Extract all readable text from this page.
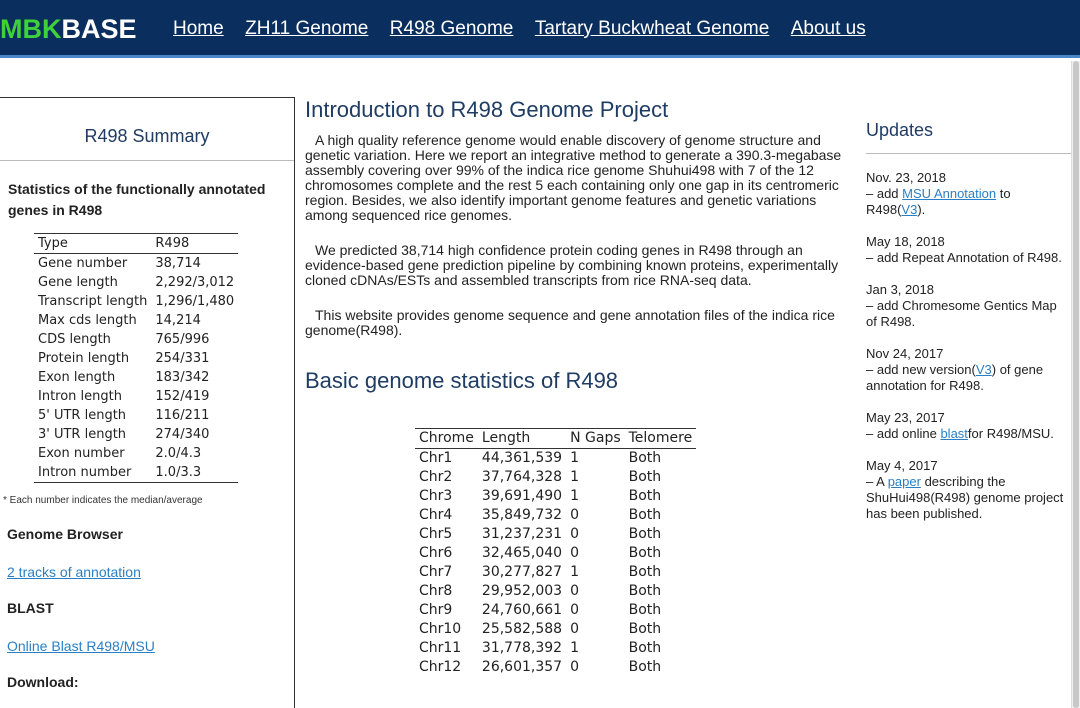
MBKBASE Home ZH11 Genome R498 Genome Tartary Buckwheat Genome About us
R498 Summary
Statistics of the functionally annotated genes in R498
Type	R498
Gene number	38,714
Gene length	2,292/3,012
Transcript length	1,296/1,480
Max cds length	14,214
CDS length	765/996
Protein length	254/331
Exon length	183/342
Intron length	152/419
5' UTR length	116/211
3' UTR length	274/340
Exon number	2.0/4.3
Intron number	1.0/3.3
* Each number indicates the median/average
Genome Browser
2 tracks of annotation
BLAST
Online Blast R498/MSU
Download:
Introduction to R498 Genome Project

A high quality reference genome would enable discovery of genome structure and genetic variation. Here we report an integrative method to generate a 390.3-megabase assembly covering over 99% of the indica rice genome Shuhui498 with 7 of the 12 chromosomes complete and the rest 5 each containing only one gap in its centromeric region. Besides, we also identify important genome features and genetic variations among sequenced rice genomes.

We predicted 38,714 high confidence protein coding genes in R498 through an evidence-based gene prediction pipeline by combining known proteins, experimentally cloned cDNAs/ESTs and assembled transcripts from rice RNA-seq data.

This website provides genome sequence and gene annotation files of the indica rice genome(R498).

Basic genome statistics of R498
Chrome	Length	N Gaps	Telomere
Chr1	44,361,539	1	Both
Chr2	37,764,328	1	Both
Chr3	39,691,490	1	Both
Chr4	35,849,732	0	Both
Chr5	31,237,231	0	Both
Chr6	32,465,040	0	Both
Chr7	30,277,827	1	Both
Chr8	29,952,003	0	Both
Chr9	24,760,661	0	Both
Chr10	25,582,588	0	Both
Chr11	31,778,392	1	Both
Chr12	26,601,357	0	Both
Updates
Nov. 23, 2018
– add MSU Annotation to R498(V3).
May 18, 2018
– add Repeat Annotation of R498.
Jan 3, 2018
– add Chromesome Gentics Map of R498.
Nov 24, 2017
– add new version(V3) of gene annotation for R498.
May 23, 2017
– add online blastfor R498/MSU.
May 4, 2017
– A paper describing the ShuHui498(R498) genome project has been published.
